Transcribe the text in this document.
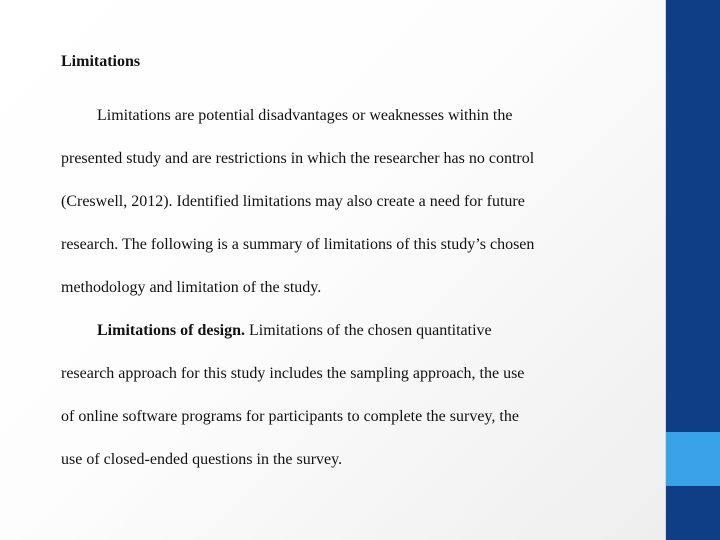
Limitations

Limitations are potential disadvantages or weaknesses within the
presented study and are restrictions in which the researcher has no control
(Creswell, 2012). Identified limitations may also create a need for future
research. The following is a summary of limitations of this study’s chosen
methodology and limitation of the study.

Limitations of design. Limitations of the chosen quantitative
research approach for this study includes the sampling approach, the use
of online software programs for participants to complete the survey, the
use of closed-ended questions in the survey.
